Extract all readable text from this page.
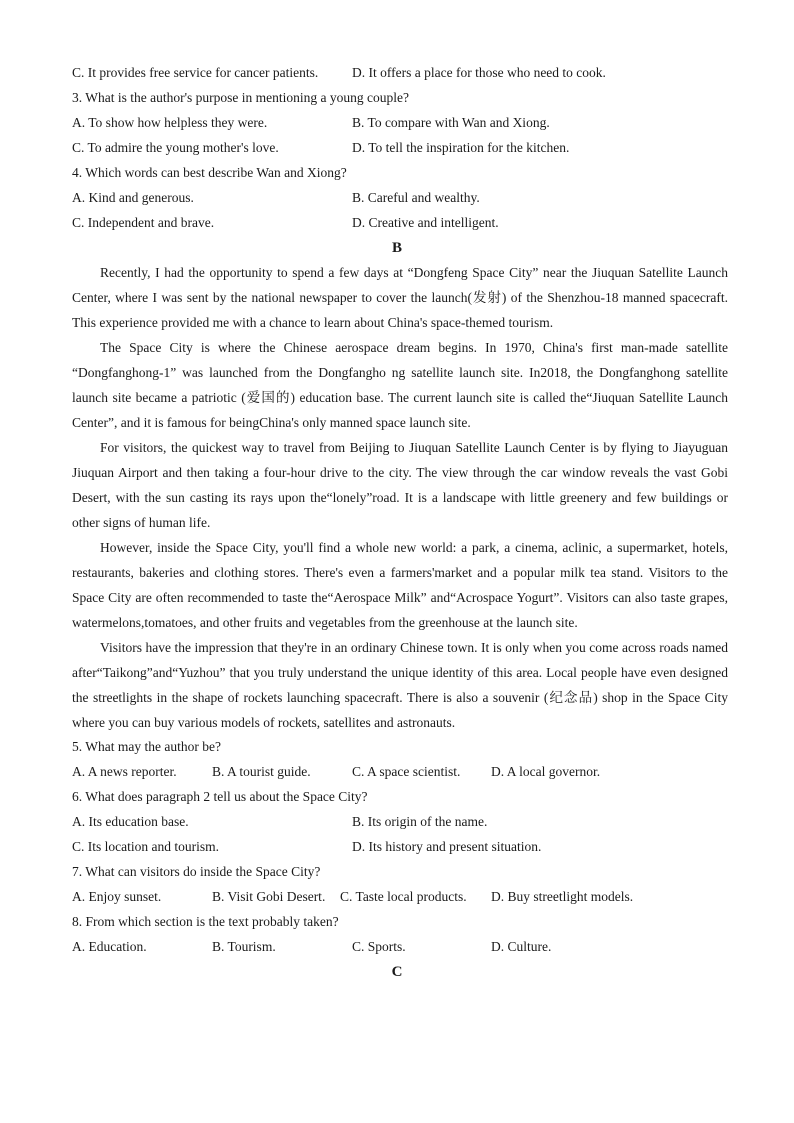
C. It provides free service for cancer patients. D. It offers a place for those who need to cook.
3. What is the author's purpose in mentioning a young couple?
A. To show how helpless they were.	B. To compare with Wan and Xiong.
C. To admire the young mother's love.	D. To tell the inspiration for the kitchen.
4. Which words can best describe Wan and Xiong?
A. Kind and generous.	B. Careful and wealthy.
C. Independent and brave.	D. Creative and intelligent.
B

Recently, I had the opportunity to spend a few days at “Dongfeng Space City” near the Jiuquan Satellite Launch Center, where I was sent by the national newspaper to cover the launch(发射) of the Shenzhou-18 manned spacecraft. This experience provided me with a chance to learn about China's space-themed tourism.

The Space City is where the Chinese aerospace dream begins. In 1970, China's first man-made satellite “Dongfanghong-1” was launched from the Dongfangho ng satellite launch site. In2018, the Dongfanghong satellite launch site became a patriotic (爱国的) education base. The current launch site is called the“Jiuquan Satellite Launch Center”, and it is famous for beingChina's only manned space launch site.

For visitors, the quickest way to travel from Beijing to Jiuquan Satellite Launch Center is by flying to Jiayuguan Jiuquan Airport and then taking a four-hour drive to the city. The view through the car window reveals the vast Gobi Desert, with the sun casting its rays upon the“lonely”road. It is a landscape with little greenery and few buildings or other signs of human life.

However, inside the Space City, you'll find a whole new world: a park, a cinema, aclinic, a supermarket, hotels, restaurants, bakeries and clothing stores. There's even a farmers'market and a popular milk tea stand. Visitors to the Space City are often recommended to taste the“Aerospace Milk” and“Acrospace Yogurt”. Visitors can also taste grapes, watermelons,tomatoes, and other fruits and vegetables from the greenhouse at the launch site.

Visitors have the impression that they're in an ordinary Chinese town. It is only when you come across roads named after“Taikong”and“Yuzhou” that you truly understand the unique identity of this area. Local people have even designed the streetlights in the shape of rockets launching spacecraft. There is also a souvenir (纪念品) shop in the Space City where you can buy various models of rockets, satellites and astronauts.

5. What may the author be?
A. A news reporter.	B. A tourist guide.	C. A space scientist. D. A local governor.
6. What does paragraph 2 tell us about the Space City?
A. Its education base.	B. Its origin of the name.
C. Its location and tourism.	D. Its history and present situation.
7. What can visitors do inside the Space City?
A. Enjoy sunset.	B. Visit Gobi Desert. C. Taste local products. D. Buy streetlight models.
8. From which section is the text probably taken?
A. Education.	B. Tourism.	C. Sports.	D. Culture.
C
